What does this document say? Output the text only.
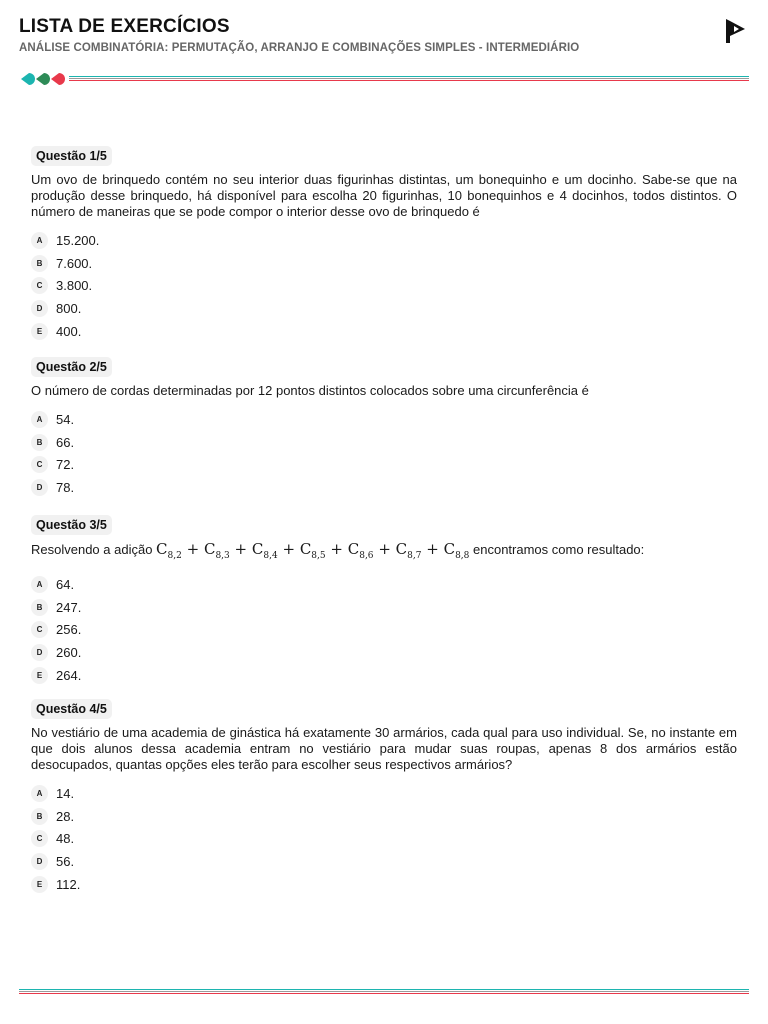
LISTA DE EXERCÍCIOS
ANÁLISE COMBINATÓRIA: PERMUTAÇÃO, ARRANJO E COMBINAÇÕES SIMPLES - INTERMEDIÁRIO
Questão 1/5
Um ovo de brinquedo contém no seu interior duas figurinhas distintas, um bonequinho e um docinho. Sabe-se que na produção desse brinquedo, há disponível para escolha 20 figurinhas, 10 bonequinhos e 4 docinhos, todos distintos. O número de maneiras que se pode compor o interior desse ovo de brinquedo é
A	15.200.
B	7.600.
C	3.800.
D	800.
E	400.
Questão 2/5
O número de cordas determinadas por 12 pontos distintos colocados sobre uma circunferência é
A	54.
B	66.
C	72.
D	78.
Questão 3/5
Resolvendo a adição $C_{8,2} + C_{8,3} + C_{8,4} + C_{8,5} + C_{8,6} + C_{8,7} + C_{8,8}$ encontramos como resultado:
A	64.
B	247.
C	256.
D	260.
E	264.
Questão 4/5
No vestiário de uma academia de ginástica há exatamente 30 armários, cada qual para uso individual. Se, no instante em que dois alunos dessa academia entram no vestiário para mudar suas roupas, apenas 8 dos armários estão desocupados, quantas opções eles terão para escolher seus respectivos armários?
A	14.
B	28.
C	48.
D	56.
E	112.
